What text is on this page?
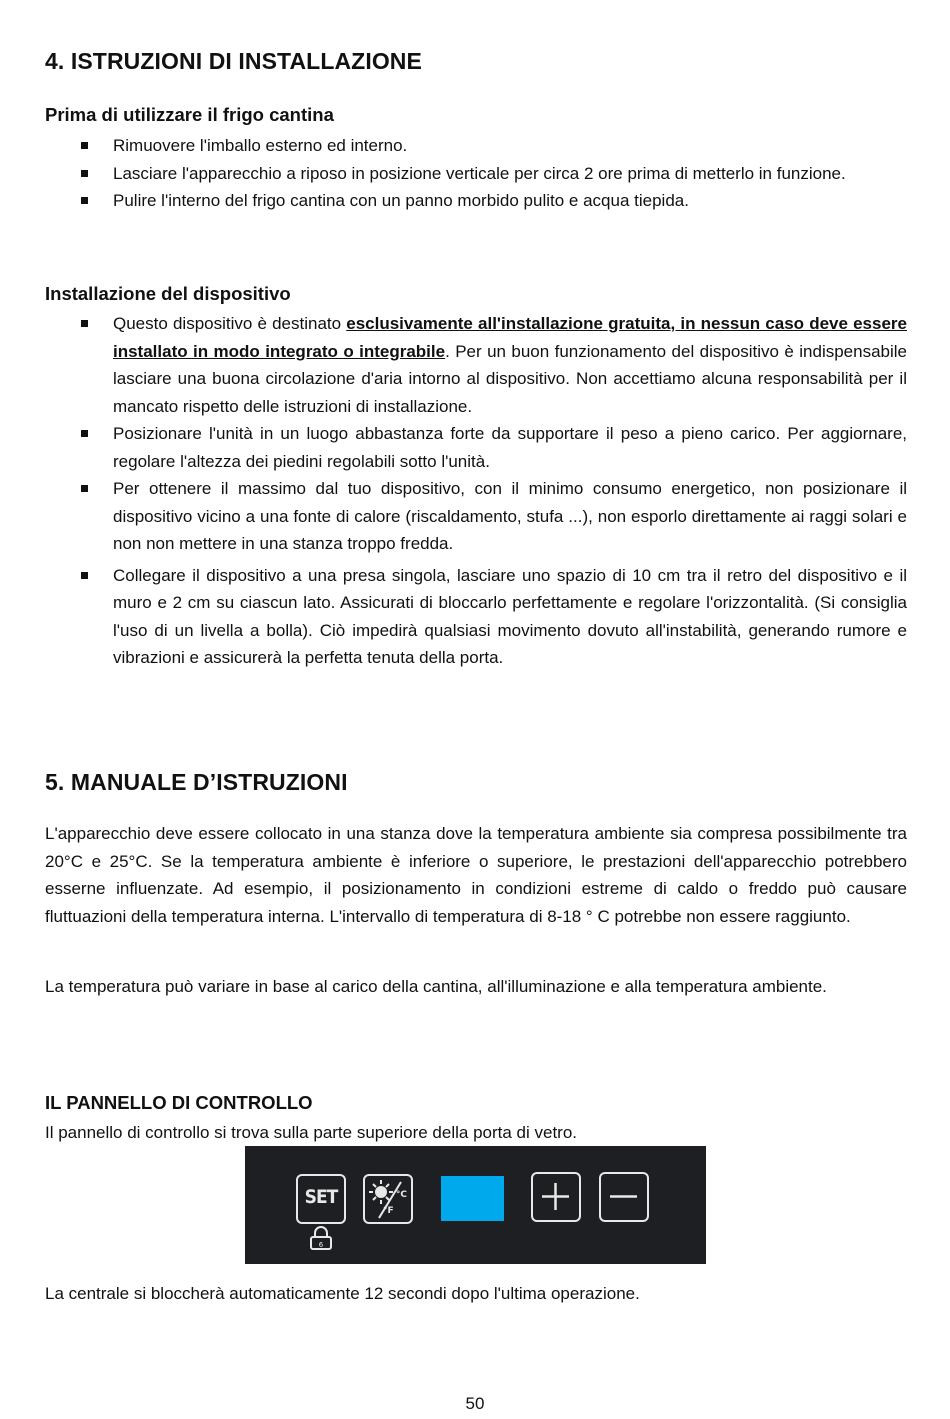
4. ISTRUZIONI DI INSTALLAZIONE
Prima di utilizzare il frigo cantina
Rimuovere l'imballo esterno ed interno.
Lasciare l'apparecchio a riposo in posizione verticale per circa 2 ore prima di metterlo in funzione.
Pulire l'interno del frigo cantina con un panno morbido pulito e acqua tiepida.
Installazione del dispositivo
Questo dispositivo è destinato esclusivamente all'installazione gratuita, in nessun caso deve essere installato in modo integrato o integrabile. Per un buon funzionamento del dispositivo è indispensabile lasciare una buona circolazione d'aria intorno al dispositivo. Non accettiamo alcuna responsabilità per il mancato rispetto delle istruzioni di installazione.
Posizionare l'unità in un luogo abbastanza forte da supportare il peso a pieno carico. Per aggiornare, regolare l'altezza dei piedini regolabili sotto l'unità.
Per ottenere il massimo dal tuo dispositivo, con il minimo consumo energetico, non posizionare il dispositivo vicino a una fonte di calore (riscaldamento, stufa ...), non esporlo direttamente ai raggi solari e non non mettere in una stanza troppo fredda.
Collegare il dispositivo a una presa singola, lasciare uno spazio di 10 cm tra il retro del dispositivo e il muro e 2 cm su ciascun lato. Assicurati di bloccarlo perfettamente e regolare l'orizzontalità. (Si consiglia l'uso di un livella a bolla). Ciò impedirà qualsiasi movimento dovuto all'instabilità, generando rumore e vibrazioni e assicurerà la perfetta tenuta della porta.
5. MANUALE D’ISTRUZIONI

L'apparecchio deve essere collocato in una stanza dove la temperatura ambiente sia compresa possibilmente tra 20°C e 25°C. Se la temperatura ambiente è inferiore o superiore, le prestazioni dell'apparecchio potrebbero esserne influenzate. Ad esempio, il posizionamento in condizioni estreme di caldo o freddo può causare fluttuazioni della temperatura interna. L'intervallo di temperatura di 8-18 ° C potrebbe non essere raggiunto.

La temperatura può variare in base al carico della cantina, all'illuminazione e alla temperatura ambiente.

IL PANNELLO DI CONTROLLO

Il pannello di controllo si trova sulla parte superiore della porta di vetro.

La centrale si bloccherà automaticamente 12 secondi dopo l'ultima operazione.

SET
6
°C
°F
50
